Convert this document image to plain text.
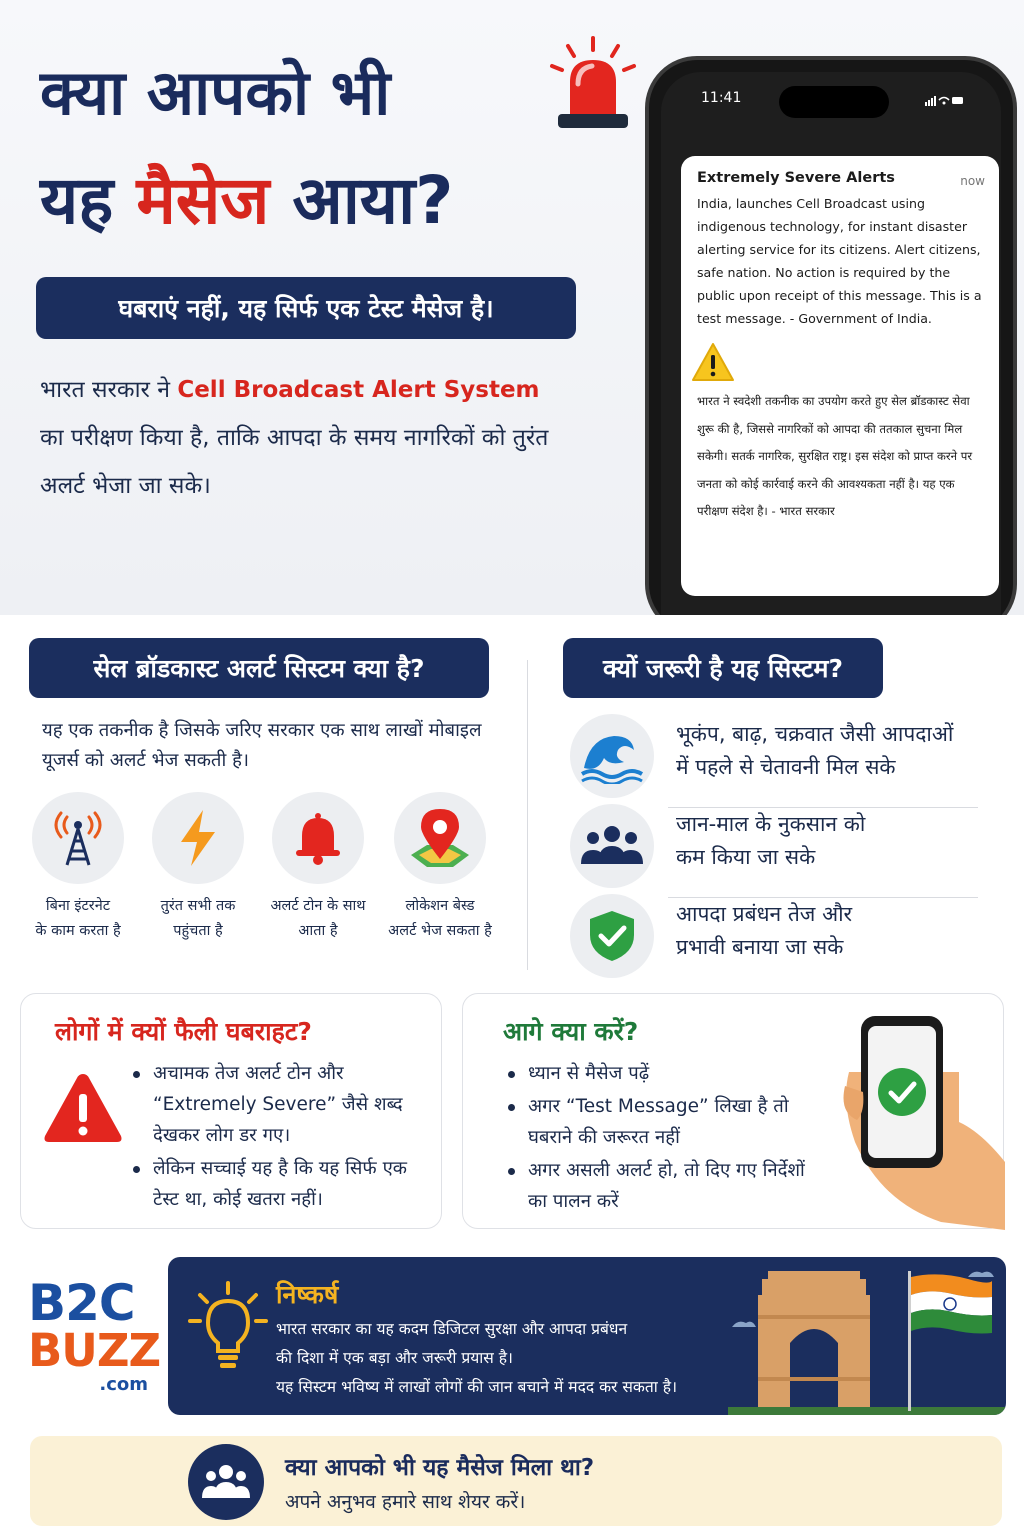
क्या आपको भी
यह मैसेज आया?
घबराएं नहीं, यह सिर्फ एक टेस्ट मैसेज है।
भारत सरकार ने Cell Broadcast Alert System का परीक्षण किया है, ताकि आपदा के समय नागरिकों को तुरंत अलर्ट भेजा जा सके।
11:41
Extremely Severe Alerts	now
India, launches Cell Broadcast using indigenous technology, for instant disaster alerting service for its citizens. Alert citizens, safe nation. No action is required by the public upon receipt of this message. This is a test message. - Government of India.
भारत ने स्वदेशी तकनीक का उपयोग करते हुए सेल ब्रॉडकास्ट सेवा शुरू की है, जिससे नागरिकों को आपदा की ततकाल सुचना मिल सकेगी। सतर्क नागरिक, सुरक्षित राष्ट्र। इस संदेश को प्राप्त करने पर जनता को कोई कार्रवाई करने की आवश्‍यकता नहीं है। यह एक परीक्षण संदेश है। - भारत सरकार
सेल ब्रॉडकास्ट अलर्ट सिस्टम क्या है?
यह एक तकनीक है जिसके जरिए सरकार एक साथ लाखों मोबाइल यूजर्स को अलर्ट भेज सकती है।
बिना इंटरनेट
के काम करता है
तुरंत सभी तक
पहुंचता है
अलर्ट टोन के साथ
आता है
लोकेशन बेस्ड
अलर्ट भेज सकता है
क्यों जरूरी है यह सिस्टम?
भूकंप, बाढ़, चक्रवात जैसी आपदाओं
में पहले से चेतावनी मिल सके
जान-माल के नुकसान को
कम किया जा सके
आपदा प्रबंधन तेज और
प्रभावी बनाया जा सके
लोगों में क्यों फैली घबराहट?
अचामक तेज अलर्ट टोन और “Extremely Severe” जैसे शब्द देखकर लोग डर गए।
लेकिन सच्चाई यह है कि यह सिर्फ एक टेस्ट था, कोई खतरा नहीं।
आगे क्या करें?
ध्यान से मैसेज पढ़ें
अगर “Test Message” लिखा है तो घबराने की जरूरत नहीं
अगर असली अलर्ट हो, तो दिए गए निर्देशों का पालन करें
B2C
BUZZ
.com
निष्कर्ष
भारत सरकार का यह कदम डिजिटल सुरक्षा और आपदा प्रबंधन
की दिशा में एक बड़ा और जरूरी प्रयास है।
यह सिस्टम भविष्य में लाखों लोगों की जान बचाने में मदद कर सकता है।
क्या आपको भी यह मैसेज मिला था?
अपने अनुभव हमारे साथ शेयर करें।
